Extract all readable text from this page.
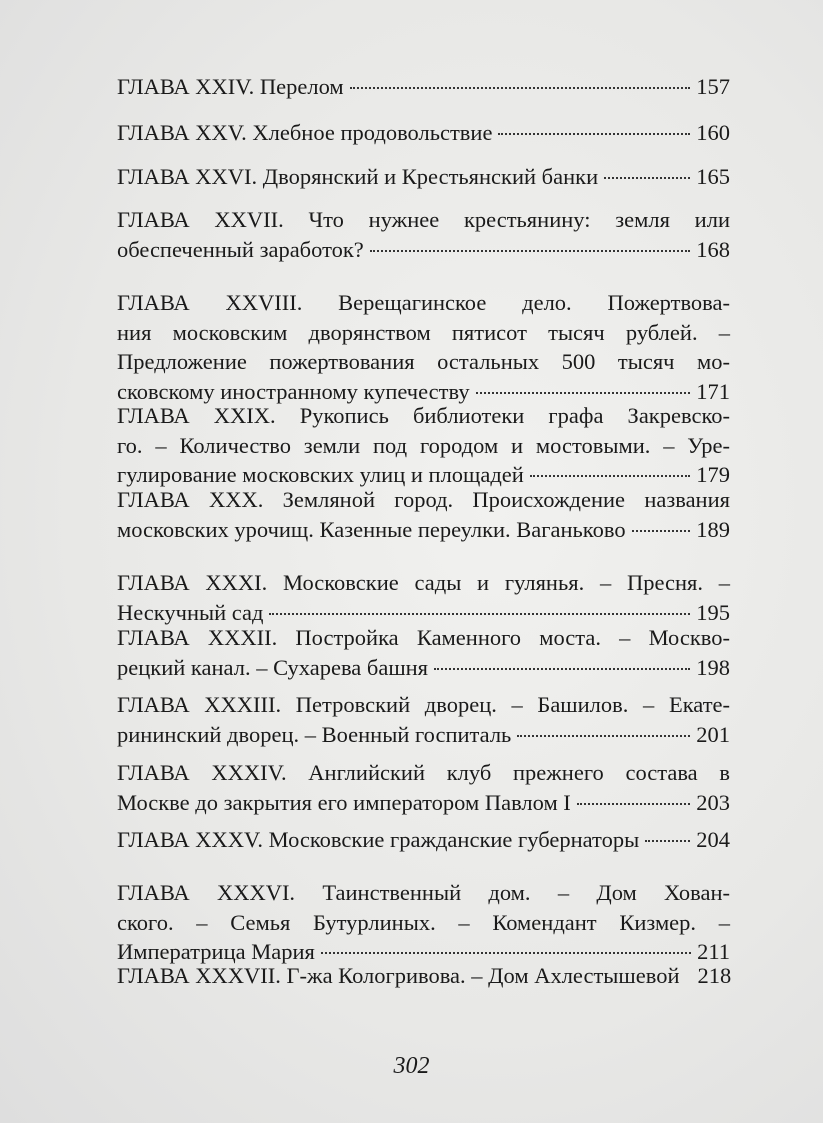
ГЛАВА XXIV. Перелом	157
ГЛАВА XXV. Хлебное продовольствие	160
ГЛАВА XXVI. Дворянский и Крестьянский банки	165
ГЛАВА XXVII. Что нужнее крестьянину: земля или
обеспеченный заработок?	168
ГЛАВА XXVIII. Верещагинское дело. Пожертвова-
ния московским дворянством пятисот тысяч рублей. –
Предложение пожертвования остальных 500 тысяч мо-
сковскому иностранному купечеству	171
ГЛАВА XXIX. Рукопись библиотеки графа Закревско-
го. – Количество земли под городом и мостовыми. – Уре-
гулирование московских улиц и площадей	179
ГЛАВА XXX. Земляной город. Происхождение названия
московских урочищ. Казенные переулки. Ваганьково	189
ГЛАВА XXXI. Московские сады и гулянья. – Пресня. –
Нескучный сад	195
ГЛАВА XXXII. Постройка Каменного моста. – Москво-
рецкий канал. – Сухарева башня	198
ГЛАВА XXXIII. Петровский дворец. – Башилов. – Екате-
рининский дворец. – Военный госпиталь	201
ГЛАВА XXXIV. Английский клуб прежнего состава в
Москве до закрытия его императором Павлом I	203
ГЛАВА XXXV. Московские гражданские губернаторы	204
ГЛАВА XXXVI. Таинственный дом. – Дом Хован-
ского. – Семья Бутурлиных. – Комендант Кизмер. –
Императрица Мария	211
ГЛАВА XXXVII. Г-жа Кологривова. – Дом Ахлестышевой 218
302
